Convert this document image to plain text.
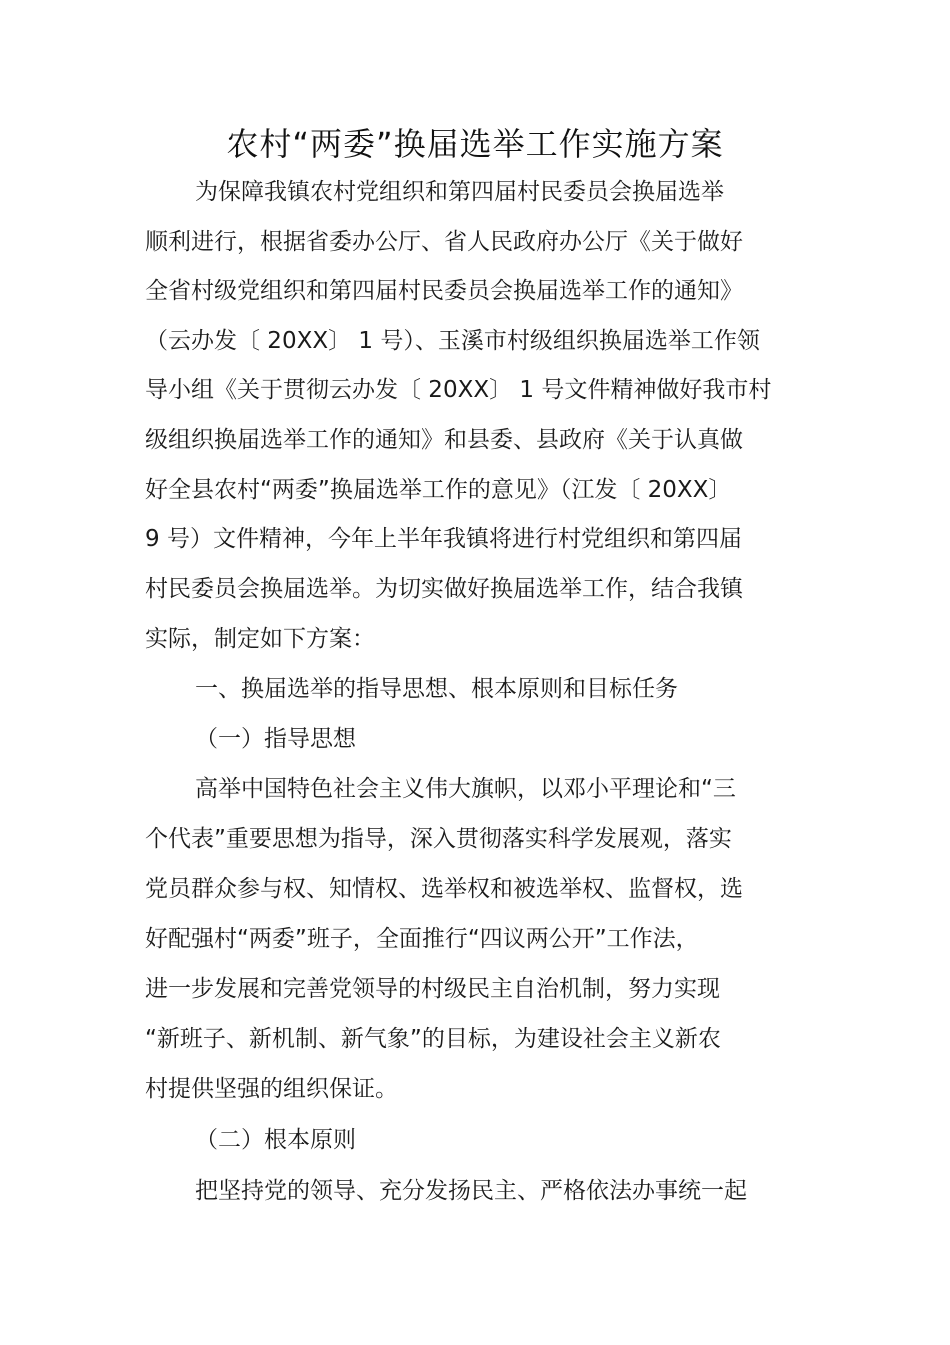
农村“两委”换届选举工作实施方案
为保障我镇农村党组织和第四届村民委员会换届选举
顺利进行，根据省委办公厅、省人民政府办公厅《关于做好
全省村级党组织和第四届村民委员会换届选举工作的通知》
（云办发〔 20XX〕 1 号）、玉溪市村级组织换届选举工作领
导小组《关于贯彻云办发〔 20XX〕 1 号文件精神做好我市村
级组织换届选举工作的通知》和县委、县政府《关于认真做
好全县农村“两委”换届选举工作的意见》（江发〔 20XX〕
9 号）文件精神，今年上半年我镇将进行村党组织和第四届
村民委员会换届选举。为切实做好换届选举工作，结合我镇
实际，制定如下方案：
一、换届选举的指导思想、根本原则和目标任务
（一）指导思想
高举中国特色社会主义伟大旗帜，以邓小平理论和“三
个代表”重要思想为指导，深入贯彻落实科学发展观，落实
党员群众参与权、知情权、选举权和被选举权、监督权，选
好配强村“两委”班子，全面推行“四议两公开”工作法，
进一步发展和完善党领导的村级民主自治机制，努力实现
“新班子、新机制、新气象”的目标，为建设社会主义新农
村提供坚强的组织保证。
（二）根本原则
把坚持党的领导、充分发扬民主、严格依法办事统一起
